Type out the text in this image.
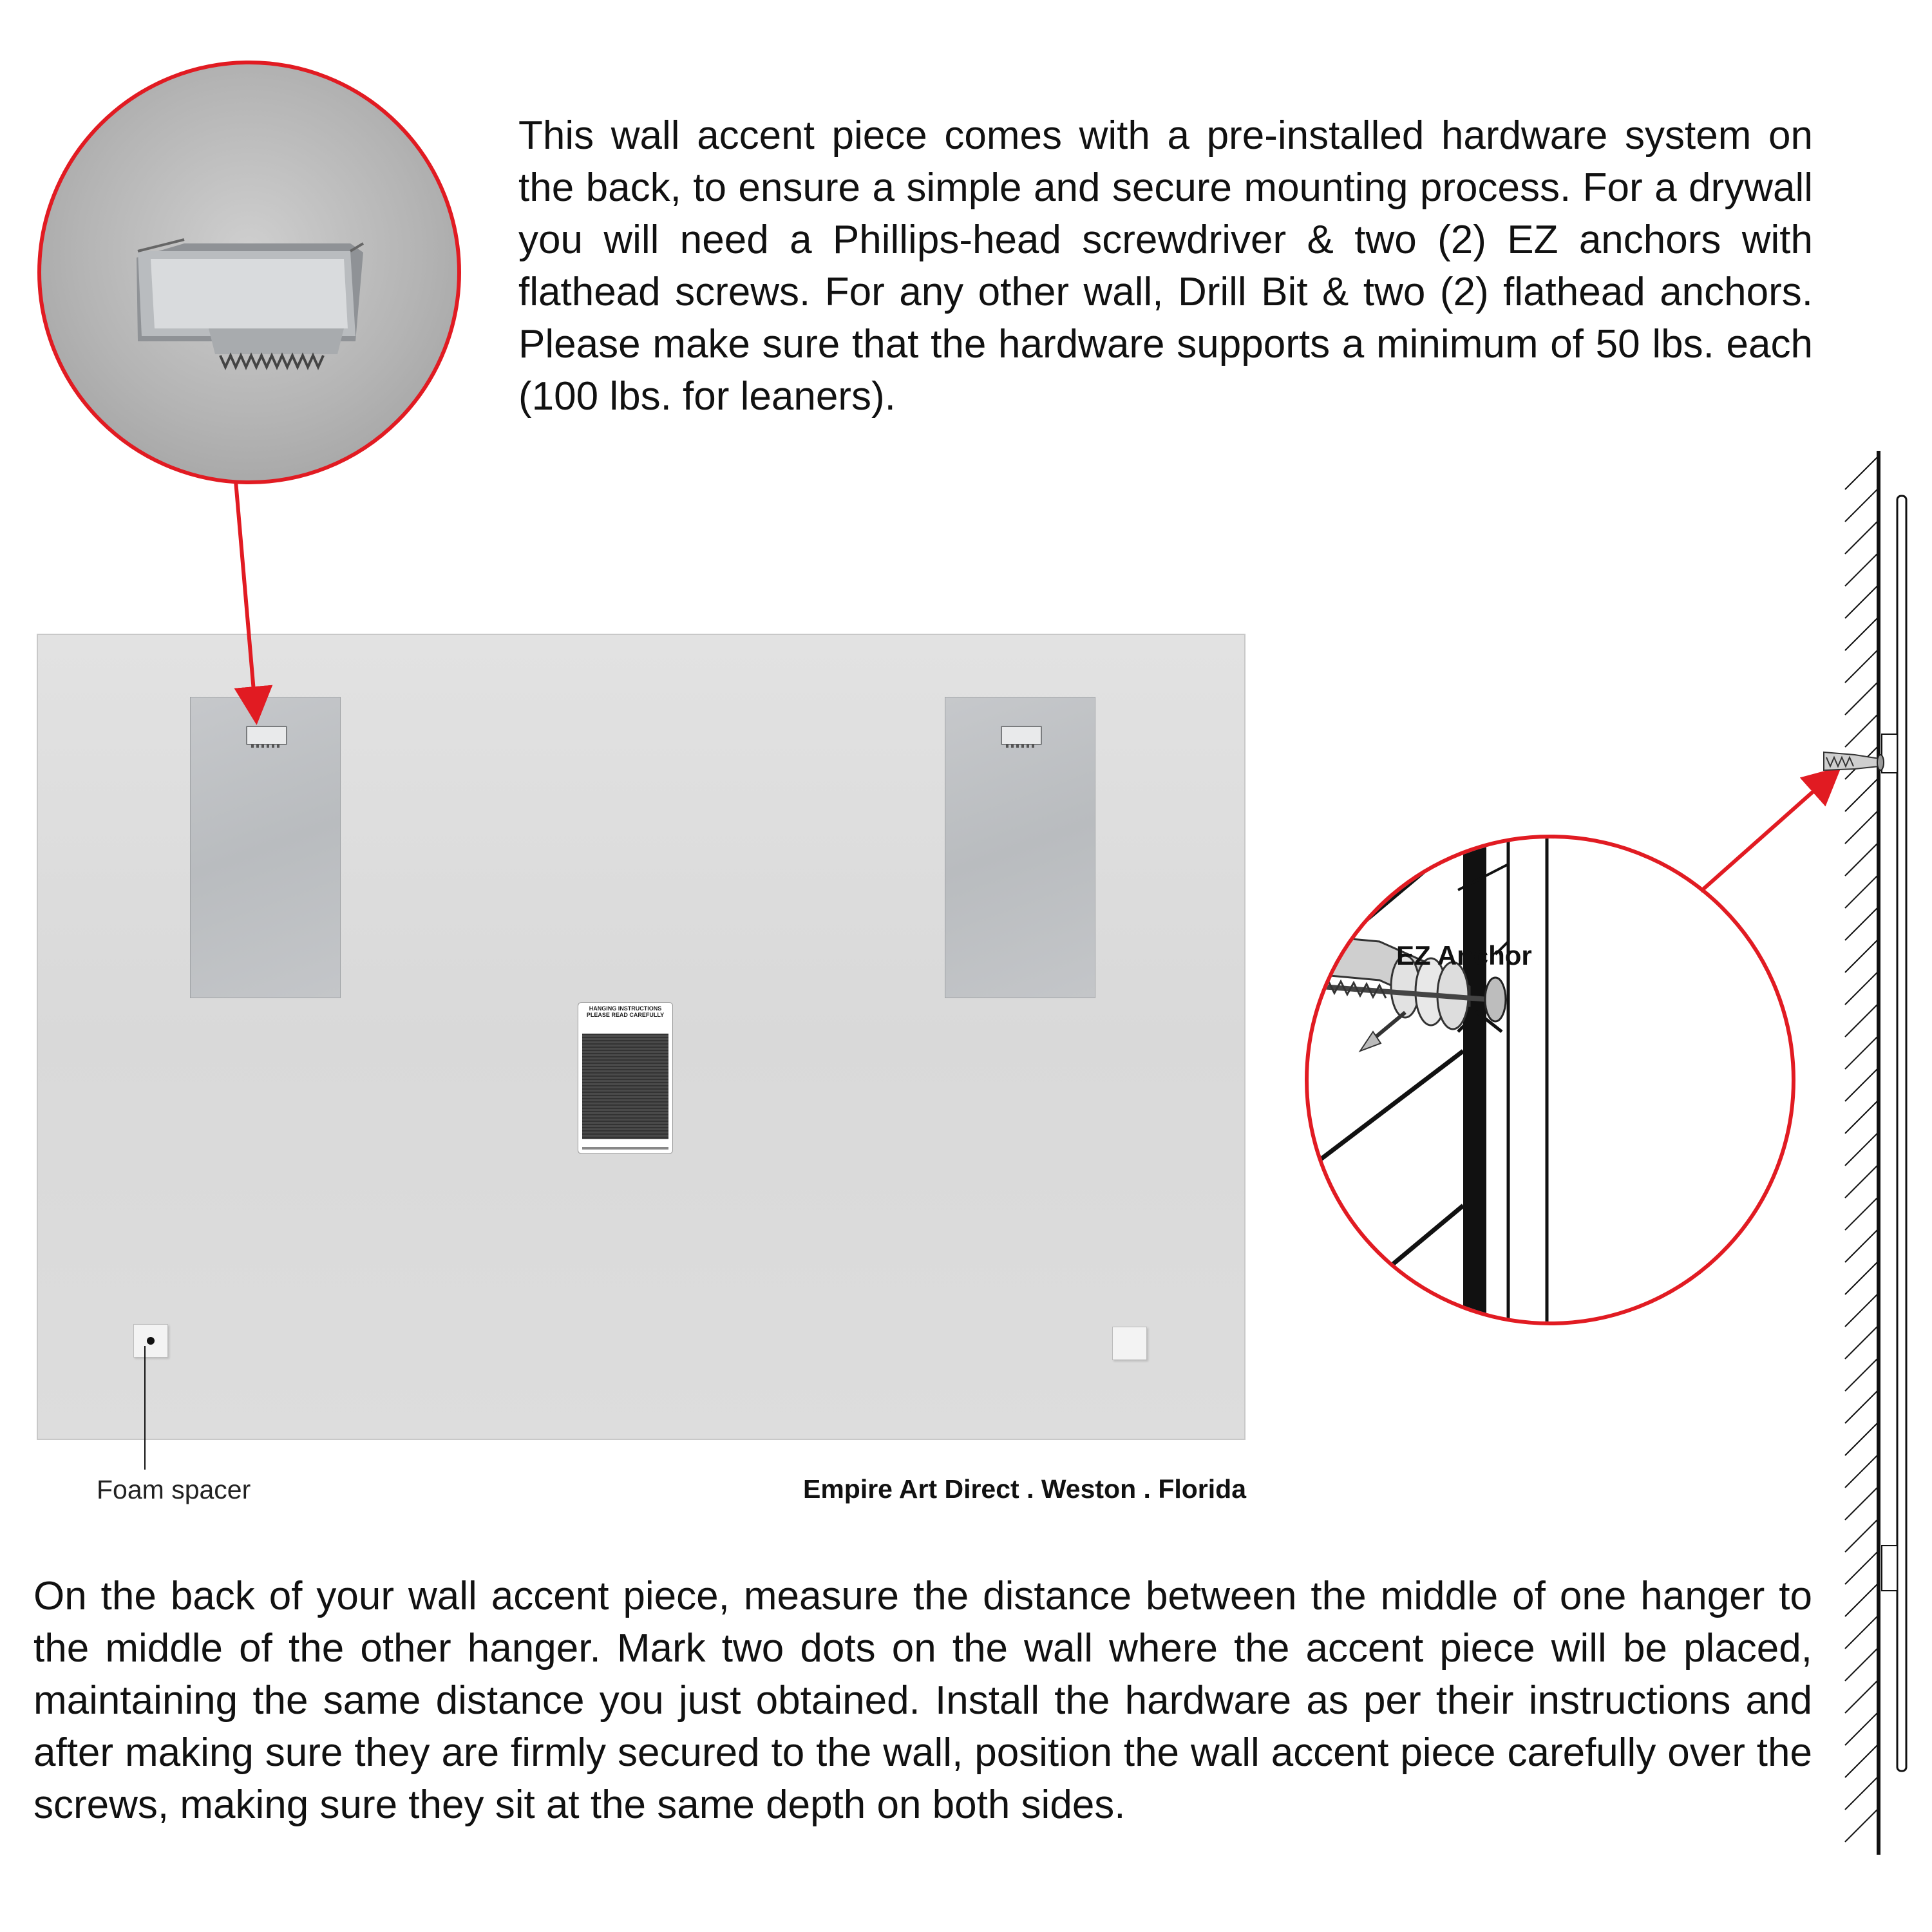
This wall accent piece comes with a pre-installed hardware system on the back, to ensure a simple and secure mounting process. For a drywall you will need a Phillips-head screwdriver & two (2) EZ anchors with flathead screws. For any other wall, Drill Bit & two (2) flathead anchors. Please make sure that the hardware supports a minimum of 50 lbs. each (100 lbs. for leaners).
HANGING INSTRUCTIONS
PLEASE READ CAREFULLY
Foam spacer	Empire Art Direct . Weston . Florida
EZ Anchor
On the back of your wall accent piece, measure the distance between the middle of one hanger to the middle of the other hanger. Mark two dots on the wall where the accent piece will be placed, maintaining the same distance you just obtained. Install the hardware as per their instructions and after making sure they are firmly secured to the wall, position the wall accent piece carefully over the screws, making sure they sit at the same depth on both sides.
